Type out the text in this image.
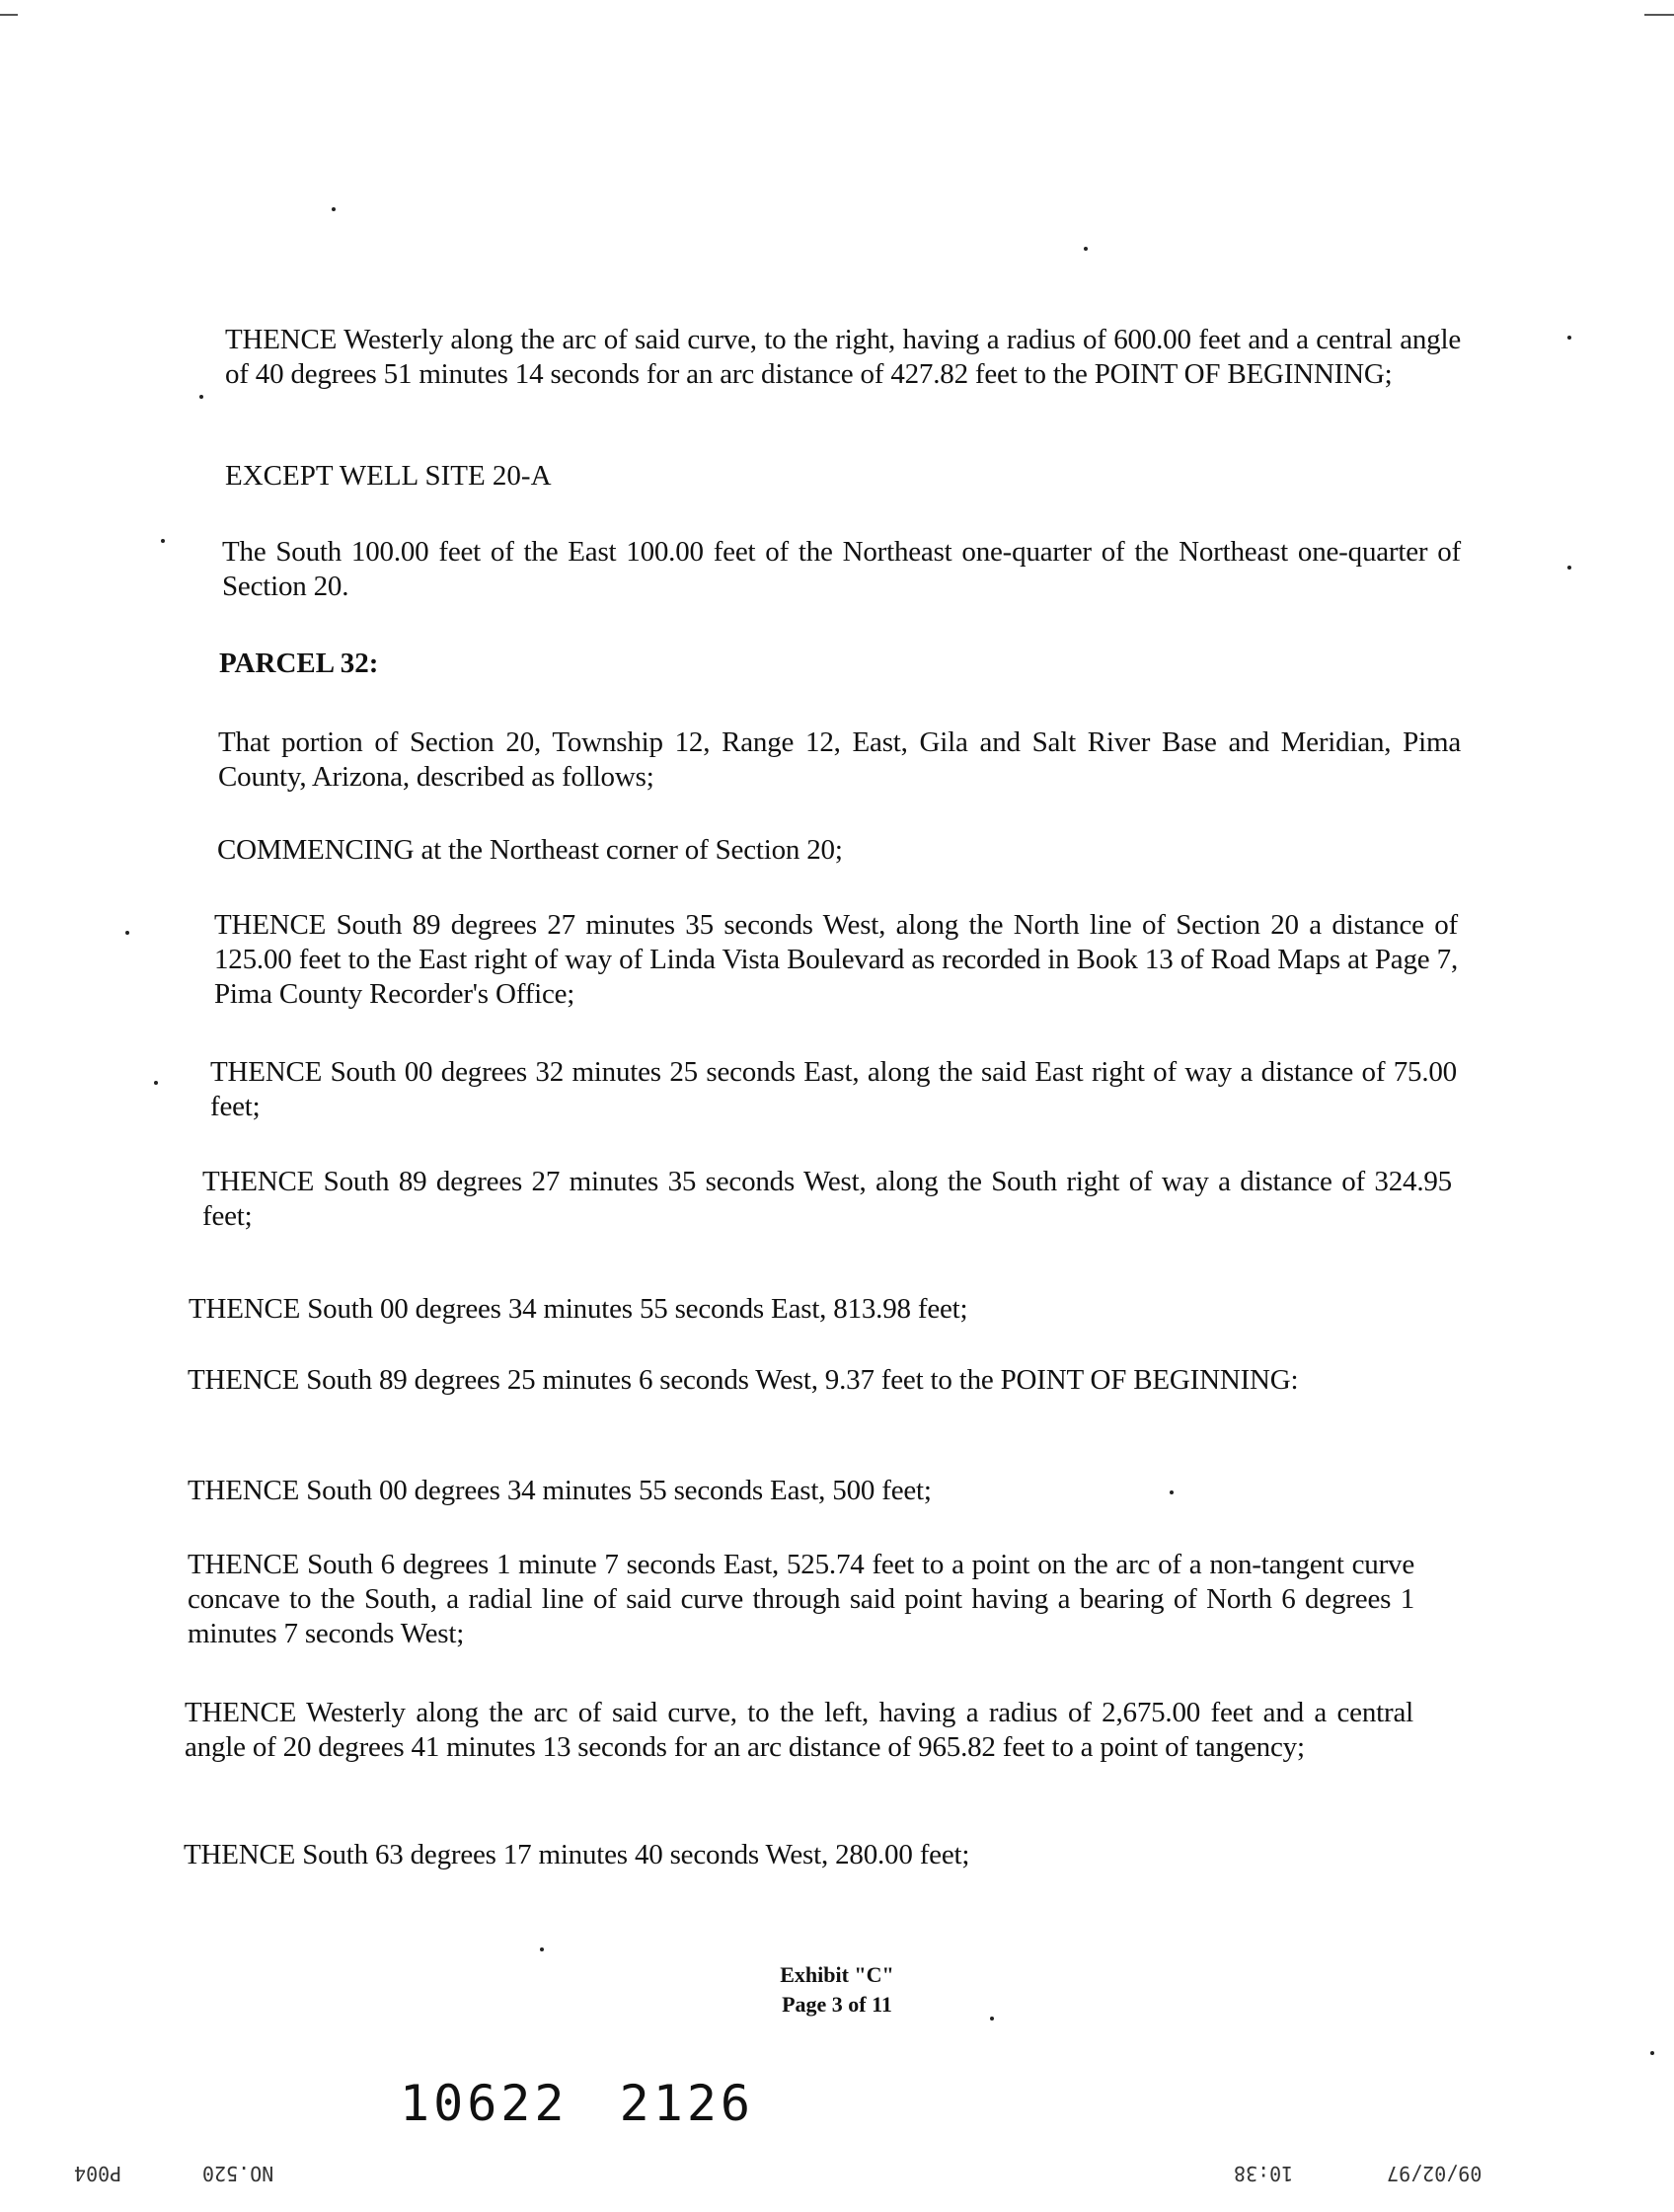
THENCE Westerly along the arc of said curve, to the right, having a radius of 600.00 feet and a central angle of 40 degrees 51 minutes 14 seconds for an arc distance of 427.82 feet to the POINT OF BEGINNING;

EXCEPT WELL SITE 20-A

The South 100.00 feet of the East 100.00 feet of the Northeast one-quarter of the Northeast one-quarter of Section 20.

PARCEL 32:

That portion of Section 20, Township 12, Range 12, East, Gila and Salt River Base and Meridian, Pima County, Arizona, described as follows;

COMMENCING at the Northeast corner of Section 20;

THENCE South 89 degrees 27 minutes 35 seconds West, along the North line of Section 20 a distance of 125.00 feet to the East right of way of Linda Vista Boulevard as recorded in Book 13 of Road Maps at Page 7, Pima County Recorder's Office;

THENCE South 00 degrees 32 minutes 25 seconds East, along the said East right of way a distance of 75.00 feet;

THENCE South 89 degrees 27 minutes 35 seconds West, along the South right of way a distance of 324.95 feet;

THENCE South 00 degrees 34 minutes 55 seconds East, 813.98 feet;

THENCE South 89 degrees 25 minutes 6 seconds West, 9.37 feet to the POINT OF BEGINNING:

THENCE South 00 degrees 34 minutes 55 seconds East, 500 feet;

THENCE South 6 degrees 1 minute 7 seconds East, 525.74 feet to a point on the arc of a non-tangent curve concave to the South, a radial line of said curve through said point having a bearing of North 6 degrees 1 minutes 7 seconds West;

THENCE Westerly along the arc of said curve, to the left, having a radius of 2,675.00 feet and a central angle of 20 degrees 41 minutes 13 seconds for an arc distance of 965.82 feet to a point of tangency;

THENCE South 63 degrees 17 minutes 40 seconds West, 280.00 feet;

Exhibit "C"
Page 3 of 11
10622 2126
P004	NO.520	10:38	09/02/97
